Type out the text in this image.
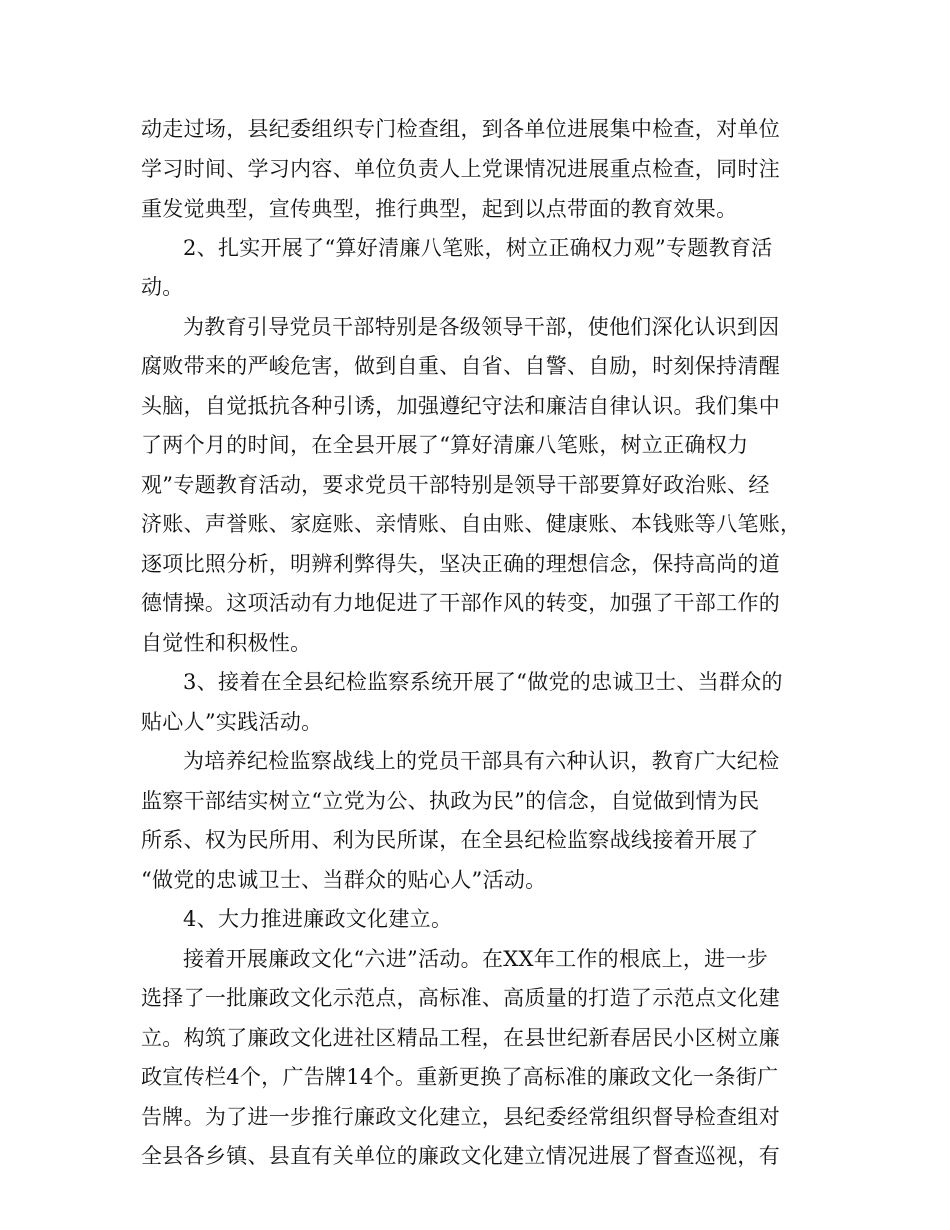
动走过场，县纪委组织专门检查组，到各单位进展集中检查，对单位
学习时间、学习内容、单位负责人上党课情况进展重点检查，同时注
重发觉典型，宣传典型，推行典型，起到以点带面的教育效果。
2、扎实开展了“算好清廉八笔账，树立正确权力观”专题教育活
动。
为教育引导党员干部特别是各级领导干部，使他们深化认识到因
腐败带来的严峻危害，做到自重、自省、自警、自励，时刻保持清醒
头脑，自觉抵抗各种引诱，加强遵纪守法和廉洁自律认识。我们集中
了两个月的时间，在全县开展了“算好清廉八笔账，树立正确权力
观”专题教育活动，要求党员干部特别是领导干部要算好政治账、经
济账、声誉账、家庭账、亲情账、自由账、健康账、本钱账等八笔账，
逐项比照分析，明辨利弊得失，坚决正确的理想信念，保持高尚的道
德情操。这项活动有力地促进了干部作风的转变，加强了干部工作的
自觉性和积极性。
3、接着在全县纪检监察系统开展了“做党的忠诚卫士、当群众的
贴心人”实践活动。
为培养纪检监察战线上的党员干部具有六种认识，教育广大纪检
监察干部结实树立“立党为公、执政为民”的信念，自觉做到情为民
所系、权为民所用、利为民所谋，在全县纪检监察战线接着开展了
“做党的忠诚卫士、当群众的贴心人”活动。
4、大力推进廉政文化建立。
接着开展廉政文化“六进”活动。在XX年工作的根底上，进一步
选择了一批廉政文化示范点，高标准、高质量的打造了示范点文化建
立。构筑了廉政文化进社区精品工程，在县世纪新春居民小区树立廉
政宣传栏4个，广告牌14个。重新更换了高标准的廉政文化一条街广
告牌。为了进一步推行廉政文化建立，县纪委经常组织督导检查组对
全县各乡镇、县直有关单位的廉政文化建立情况进展了督查巡视，有
